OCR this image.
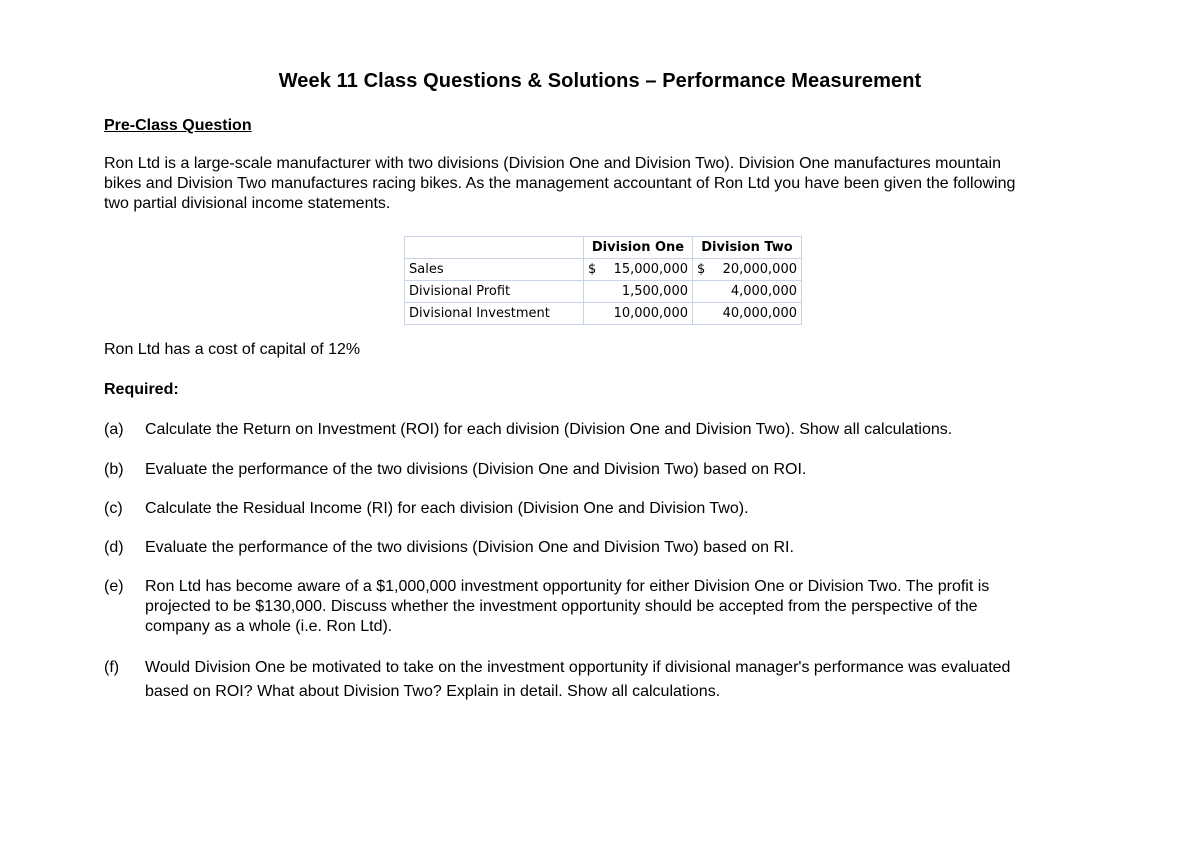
Week 11 Class Questions & Solutions – Performance Measurement
Pre-Class Question
Ron Ltd is a large-scale manufacturer with two divisions (Division One and Division Two). Division One manufactures mountain
bikes and Division Two manufactures racing bikes. As the management accountant of Ron Ltd you have been given the following
two partial divisional income statements.
	Division One	Division Two
Sales	$ 15,000,000	$ 20,000,000

Divisional Profit	1,500,000	4,000,000
Divisional Investment	10,000,000	40,000,000
Ron Ltd has a cost of capital of 12%
Required:
(a) Calculate the Return on Investment (ROI) for each division (Division One and Division Two). Show all calculations.
(b) Evaluate the performance of the two divisions (Division One and Division Two) based on ROI.
(c) Calculate the Residual Income (RI) for each division (Division One and Division Two).
(d) Evaluate the performance of the two divisions (Division One and Division Two) based on RI.
(e) Ron Ltd has become aware of a $1,000,000 investment opportunity for either Division One or Division Two. The profit is
projected to be $130,000. Discuss whether the investment opportunity should be accepted from the perspective of the
company as a whole (i.e. Ron Ltd).
(f) Would Division One be motivated to take on the investment opportunity if divisional manager's performance was evaluated
based on ROI? What about Division Two? Explain in detail. Show all calculations.
